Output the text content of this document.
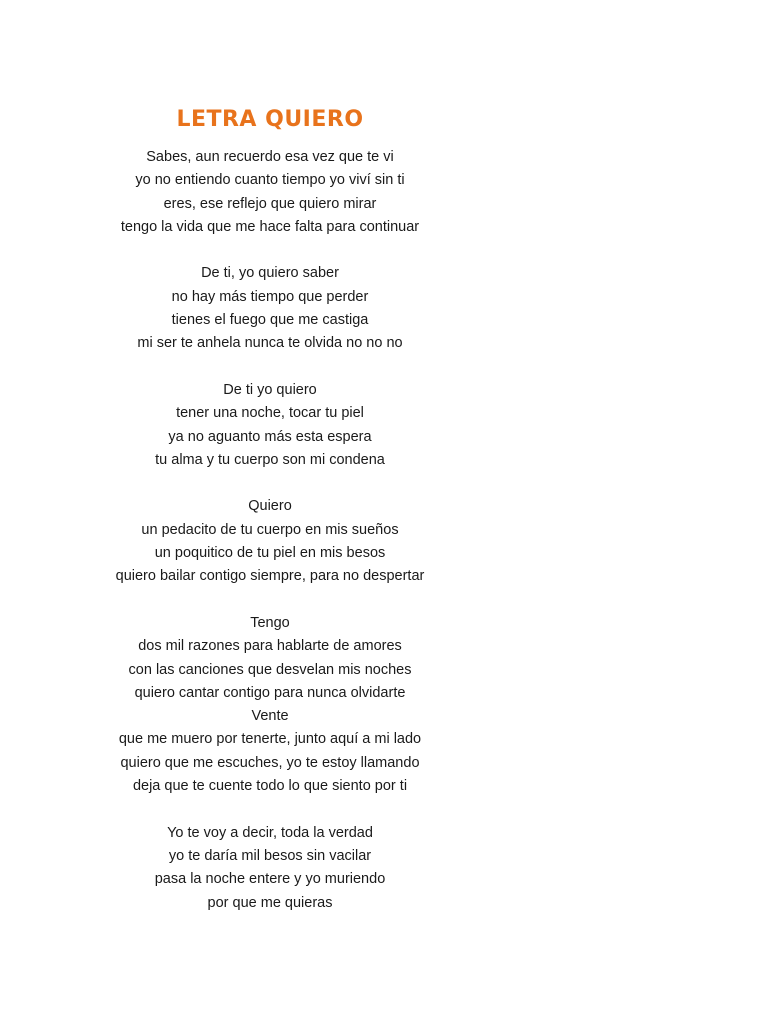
LETRA QUIERO
Sabes, aun recuerdo esa vez que te vi
yo no entiendo cuanto tiempo yo viví sin ti
eres, ese reflejo que quiero mirar
tengo la vida que me hace falta para continuar
De ti, yo quiero saber
no hay más tiempo que perder
tienes el fuego que me castiga
mi ser te anhela nunca te olvida no no no
De ti yo quiero
tener una noche, tocar tu piel
ya no aguanto más esta espera
tu alma y tu cuerpo son mi condena
Quiero
un pedacito de tu cuerpo en mis sueños
un poquitico de tu piel en mis besos
quiero bailar contigo siempre, para no despertar
Tengo
dos mil razones para hablarte de amores
con las canciones que desvelan mis noches
quiero cantar contigo para nunca olvidarte
Vente
que me muero por tenerte, junto aquí a mi lado
quiero que me escuches, yo te estoy llamando
deja que te cuente todo lo que siento por ti
Yo te voy a decir, toda la verdad
yo te daría mil besos sin vacilar
pasa la noche entere y yo muriendo
por que me quieras
